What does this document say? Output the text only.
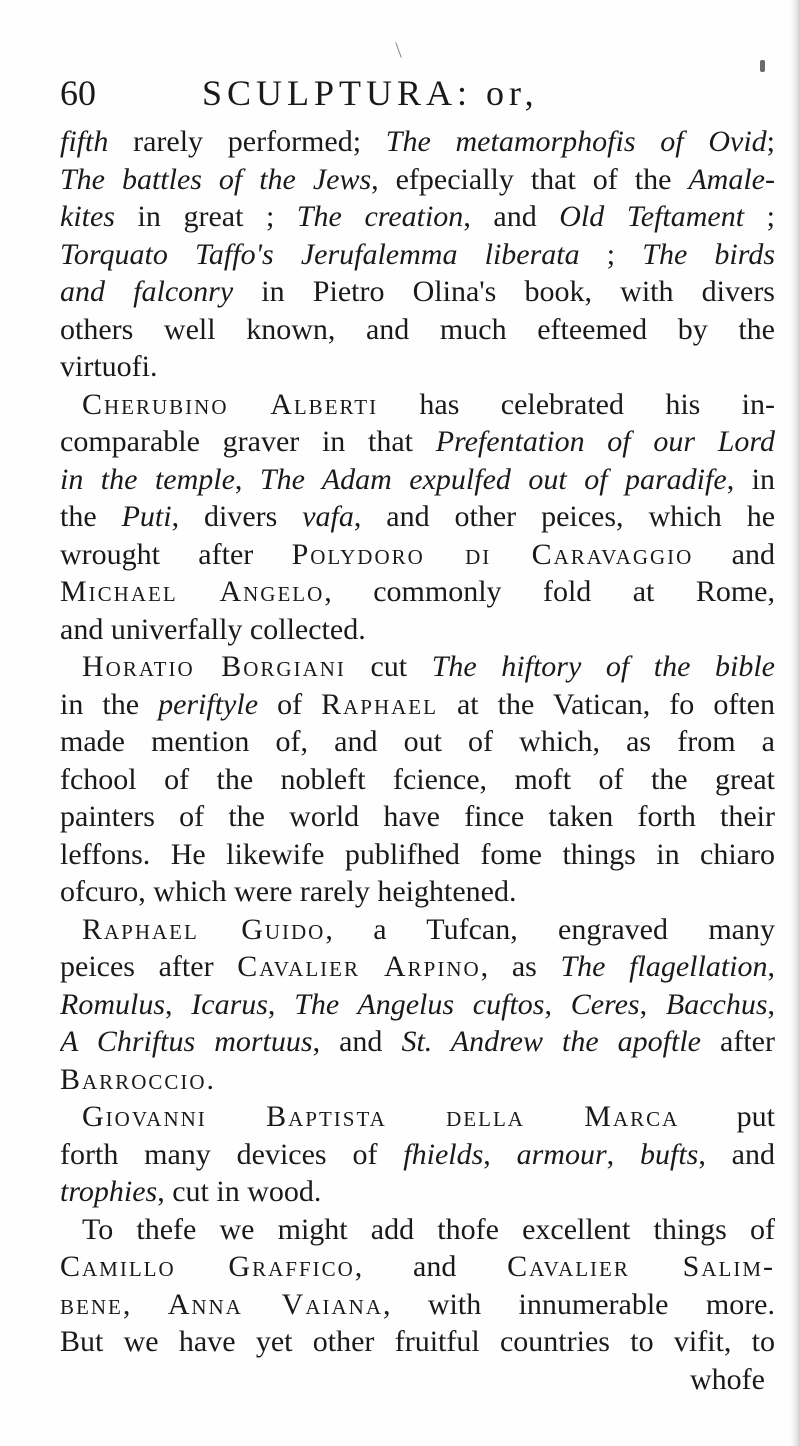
60	SCULPTURA: or,
fifth rarely performed; The metamorphofis of Ovid;
The battles of the Jews, efpecially that of the Amale-
kites in great ; The creation, and Old Teftament ;
Torquato Taffo's Jerufalemma liberata ; The birds
and falconry in Pietro Olina's book, with divers
others well known, and much efteemed by the
virtuofi.
Cherubino Alberti has celebrated his in-
comparable graver in that Prefentation of our Lord
in the temple, The Adam expulfed out of paradife, in
the Puti, divers vafa, and other peices, which he
wrought after Polydoro di Caravaggio and
Michael Angelo, commonly fold at Rome,
and univerfally collected.
Horatio Borgiani cut The hiftory of the bible
in the periftyle of Raphael at the Vatican, fo often
made mention of, and out of which, as from a
fchool of the nobleft fcience, moft of the great
painters of the world have fince taken forth their
leffons. He likewife publifhed fome things in chiaro
ofcuro, which were rarely heightened.
Raphael Guido, a Tufcan, engraved many
peices after Cavalier Arpino, as The flagellation,
Romulus, Icarus, The Angelus cuftos, Ceres, Bacchus,
A Chriftus mortuus, and St. Andrew the apoftle after
Barroccio.
Giovanni Baptista della Marca put
forth many devices of fhields, armour, bufts, and
trophies, cut in wood.
To thefe we might add thofe excellent things of
Camillo Graffico, and Cavalier Salim-
bene, Anna Vaiana, with innumerable more.
But we have yet other fruitful countries to vifit, to
whofe
